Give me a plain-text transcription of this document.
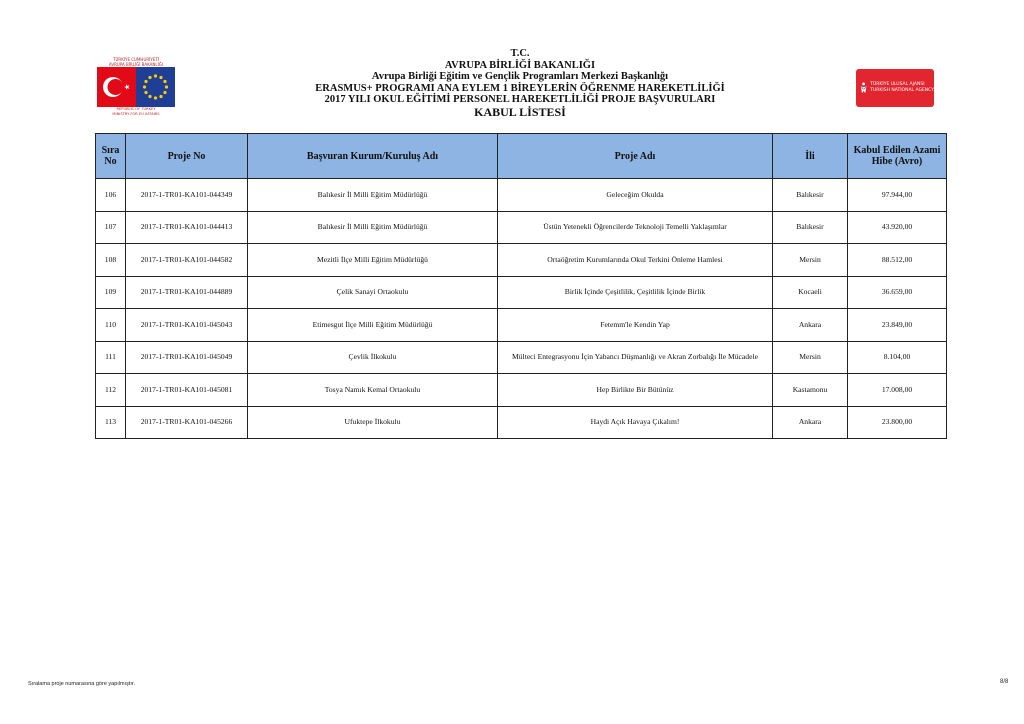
TÜRKİYE CUMHURİYETİ
AVRUPA BİRLİĞİ BAKANLIĞI
REPUBLIC OF TURKEY
MINISTRY FOR EU AFFAIRS
T.C.
AVRUPA BİRLİĞİ BAKANLIĞI
Avrupa Birliği Eğitim ve Gençlik Programları Merkezi Başkanlığı
ERASMUS+ PROGRAMI ANA EYLEM 1 BİREYLERİN ÖĞRENME HAREKETLİLİĞİ
2017 YILI OKUL EĞİTİMİ PERSONEL HAREKETLİLİĞİ PROJE BAŞVURULARI
KABUL LİSTESİ
TÜRKİYE ULUSAL AJANSI
TURKISH NATIONAL AGENCY
Sıra No	Proje No	Başvuran Kurum/Kuruluş Adı	Proje Adı	İli	Kabul Edilen Azami Hibe (Avro)
106	2017-1-TR01-KA101-044349	Balıkesir İl Milli Eğitim Müdürlüğü	Geleceğim Okulda	Balıkesir	97.944,00
107	2017-1-TR01-KA101-044413	Balıkesir İl Milli Eğitim Müdürlüğü	Üstün Yetenekli Öğrencilerde Teknoloji Temelli Yaklaşımlar	Balıkesir	43.920,00
108	2017-1-TR01-KA101-044582	Mezitli İlçe Milli Eğitim Müdürlüğü	Ortaöğretim Kurumlarında Okul Terkini Önleme Hamlesi	Mersin	88.512,00
109	2017-1-TR01-KA101-044889	Çelik Sanayi Ortaokulu	Birlik İçinde Çeşitlilik, Çeşitlilik İçinde Birlik	Kocaeli	36.659,00
110	2017-1-TR01-KA101-045043	Etimesgut İlçe Milli Eğitim Müdürlüğü	Fetemm'le Kendin Yap	Ankara	23.849,00
111	2017-1-TR01-KA101-045049	Çevlik İlkokulu	Mülteci Entegrasyonu İçin Yabancı Düşmanlığı ve Akran Zorbalığı İle Mücadele	Mersin	8.104,00
112	2017-1-TR01-KA101-045081	Tosya Namık Kemal Ortaokulu	Hep Birlikte Bir Bütünüz	Kastamonu	17.008,00
113	2017-1-TR01-KA101-045266	Ufuktepe İlkokulu	Haydi Açık Havaya Çıkalım!	Ankara	23.800,00
Sıralama proje numarasına göre yapılmıştır.	8/8
